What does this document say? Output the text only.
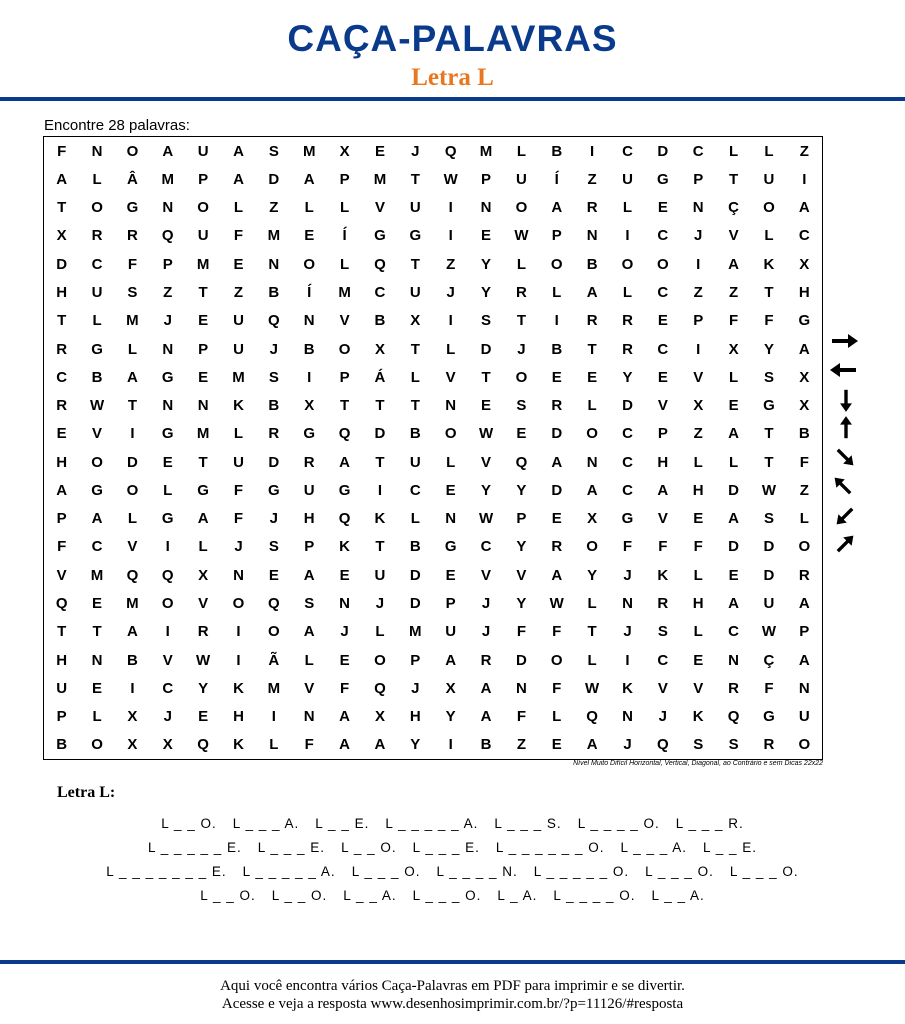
CAÇA-PALAVRAS
Letra L
Encontre 28 palavras:
F	N	O	A	U	A	S	M	X	E	J	Q	M	L	B	I	C	D	C	L	L	Z
A	L	Â	M	P	A	D	A	P	M	T	W	P	U	Í	Z	U	G	P	T	U	I
T	O	G	N	O	L	Z	L	L	V	U	I	N	O	A	R	L	E	N	Ç	O	A
X	R	R	Q	U	F	M	E	Í	G	G	I	E	W	P	N	I	C	J	V	L	C
D	C	F	P	M	E	N	O	L	Q	T	Z	Y	L	O	B	O	O	I	A	K	X
H	U	S	Z	T	Z	B	Í	M	C	U	J	Y	R	L	A	L	C	Z	Z	T	H
T	L	M	J	E	U	Q	N	V	B	X	I	S	T	I	R	R	E	P	F	F	G
R	G	L	N	P	U	J	B	O	X	T	L	D	J	B	T	R	C	I	X	Y	A
C	B	A	G	E	M	S	I	P	Á	L	V	T	O	E	E	Y	E	V	L	S	X
R	W	T	N	N	K	B	X	T	T	T	N	E	S	R	L	D	V	X	E	G	X
E	V	I	G	M	L	R	G	Q	D	B	O	W	E	D	O	C	P	Z	A	T	B
H	O	D	E	T	U	D	R	A	T	U	L	V	Q	A	N	C	H	L	L	T	F
A	G	O	L	G	F	G	U	G	I	C	E	Y	Y	D	A	C	A	H	D	W	Z
P	A	L	G	A	F	J	H	Q	K	L	N	W	P	E	X	G	V	E	A	S	L
F	C	V	I	L	J	S	P	K	T	B	G	C	Y	R	O	F	F	F	D	D	O
V	M	Q	Q	X	N	E	A	E	U	D	E	V	V	A	Y	J	K	L	E	D	R
Q	E	M	O	V	O	Q	S	N	J	D	P	J	Y	W	L	N	R	H	A	U	A
T	T	A	I	R	I	O	A	J	L	M	U	J	F	F	T	J	S	L	C	W	P
H	N	B	V	W	I	Ã	L	E	O	P	A	R	D	O	L	I	C	E	N	Ç	A
U	E	I	C	Y	K	M	V	F	Q	J	X	A	N	F	W	K	V	V	R	F	N
P	L	X	J	E	H	I	N	A	X	H	Y	A	F	L	Q	N	J	K	Q	G	U
B	O	X	X	Q	K	L	F	A	A	Y	I	B	Z	E	A	J	Q	S	S	R	O
Nível Muito Difícil Horizontal, Vertical, Diagonal, ao Contrário e sem Dicas 22x22
Letra L:
L _ _ O. L _ _ _ A. L _ _ E. L _ _ _ _ _ A. L _ _ _ S. L _ _ _ _ O. L _ _ _ R.
L _ _ _ _ _ E. L _ _ _ E. L _ _ O. L _ _ _ E. L _ _ _ _ _ _ O. L _ _ _ A. L _ _ E.
L _ _ _ _ _ _ _ E. L _ _ _ _ _ A. L _ _ _ O. L _ _ _ _ N. L _ _ _ _ _ O. L _ _ _ O. L _ _ _ O.
L _ _ O. L _ _ O. L _ _ A. L _ _ _ O. L _ A. L _ _ _ _ O. L _ _ A.
Aqui você encontra vários Caça-Palavras em PDF para imprimir e se divertir.
Acesse e veja a resposta www.desenhosimprimir.com.br/?p=11126/#resposta
